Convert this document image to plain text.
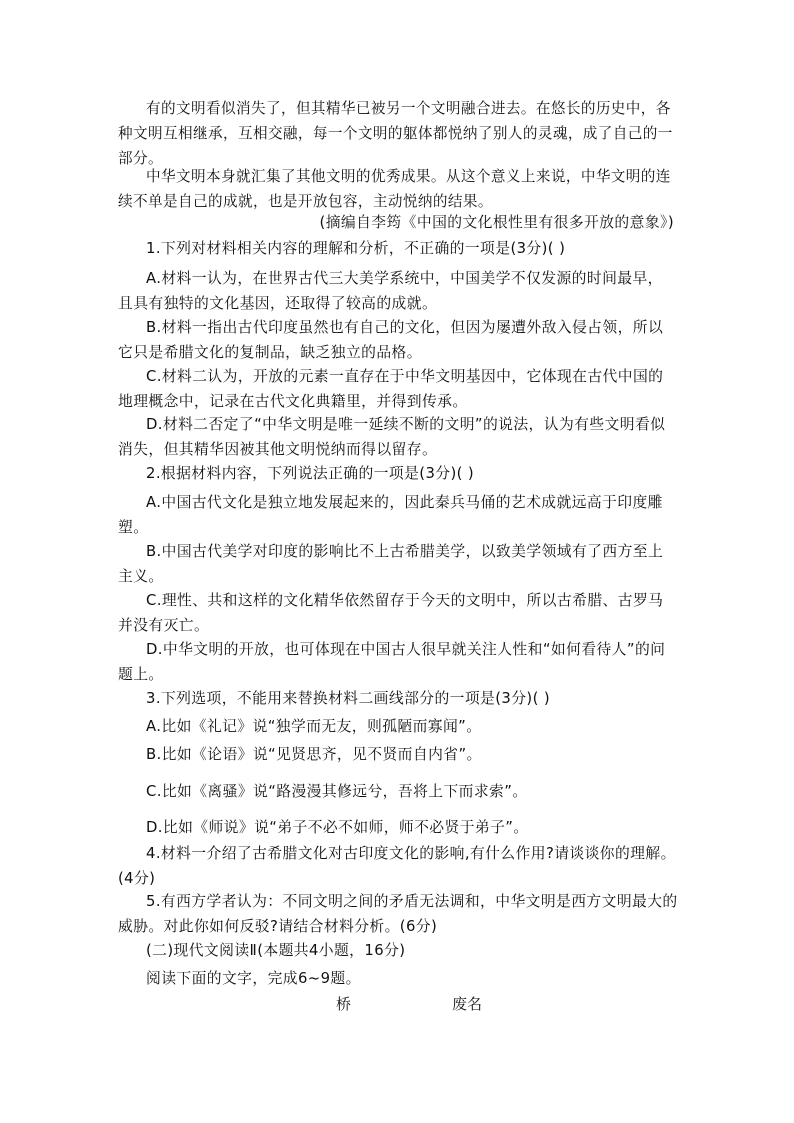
有的文明看似消失了，但其精华已被另一个文明融合进去。在悠长的历史中，各种文明互相继承，互相交融，每一个文明的躯体都悦纳了别人的灵魂，成了自己的一部分。

中华文明本身就汇集了其他文明的优秀成果。从这个意义上来说，中华文明的连续不单是自己的成就，也是开放包容，主动悦纳的结果。

(摘编自李筠《中国的文化根性里有很多开放的意象》)

1.下列对材料相关内容的理解和分析，不正确的一项是(3分)( )

A.材料一认为，在世界古代三大美学系统中，中国美学不仅发源的时间最早，且具有独特的文化基因，还取得了较高的成就。

B.材料一指出古代印度虽然也有自己的文化，但因为屡遭外敌入侵占领，所以它只是希腊文化的复制品，缺乏独立的品格。

C.材料二认为，开放的元素一直存在于中华文明基因中，它体现在古代中国的地理概念中，记录在古代文化典籍里，并得到传承。

D.材料二否定了“中华文明是唯一延续不断的文明”的说法，认为有些文明看似消失，但其精华因被其他文明悦纳而得以留存。

2.根据材料内容，下列说法正确的一项是(3分)( )

A.中国古代文化是独立地发展起来的，因此秦兵马俑的艺术成就远高于印度雕塑。

B.中国古代美学对印度的影响比不上古希腊美学，以致美学领域有了西方至上主义。

C.理性、共和这样的文化精华依然留存于今天的文明中，所以古希腊、古罗马并没有灭亡。

D.中华文明的开放，也可体现在中国古人很早就关注人性和“如何看待人”的问题上。

3.下列选项，不能用来替换材料二画线部分的一项是(3分)( )

A.比如《礼记》说“独学而无友，则孤陋而寡闻”。

B.比如《论语》说“见贤思齐，见不贤而自内省”。

C.比如《离骚》说“路漫漫其修远兮，吾将上下而求索”。

D.比如《师说》说“弟子不必不如师，师不必贤于弟子”。

4.材料一介绍了古希腊文化对古印度文化的影响,有什么作用?请谈谈你的理解。(4分)

5.有西方学者认为：不同文明之间的矛盾无法调和，中华文明是西方文明最大的威胁。对此你如何反驳?请结合材料分析。(6分)

(二)现代文阅读Ⅱ(本题共4小题，16分)

阅读下面的文字，完成6~9题。

桥	废名
